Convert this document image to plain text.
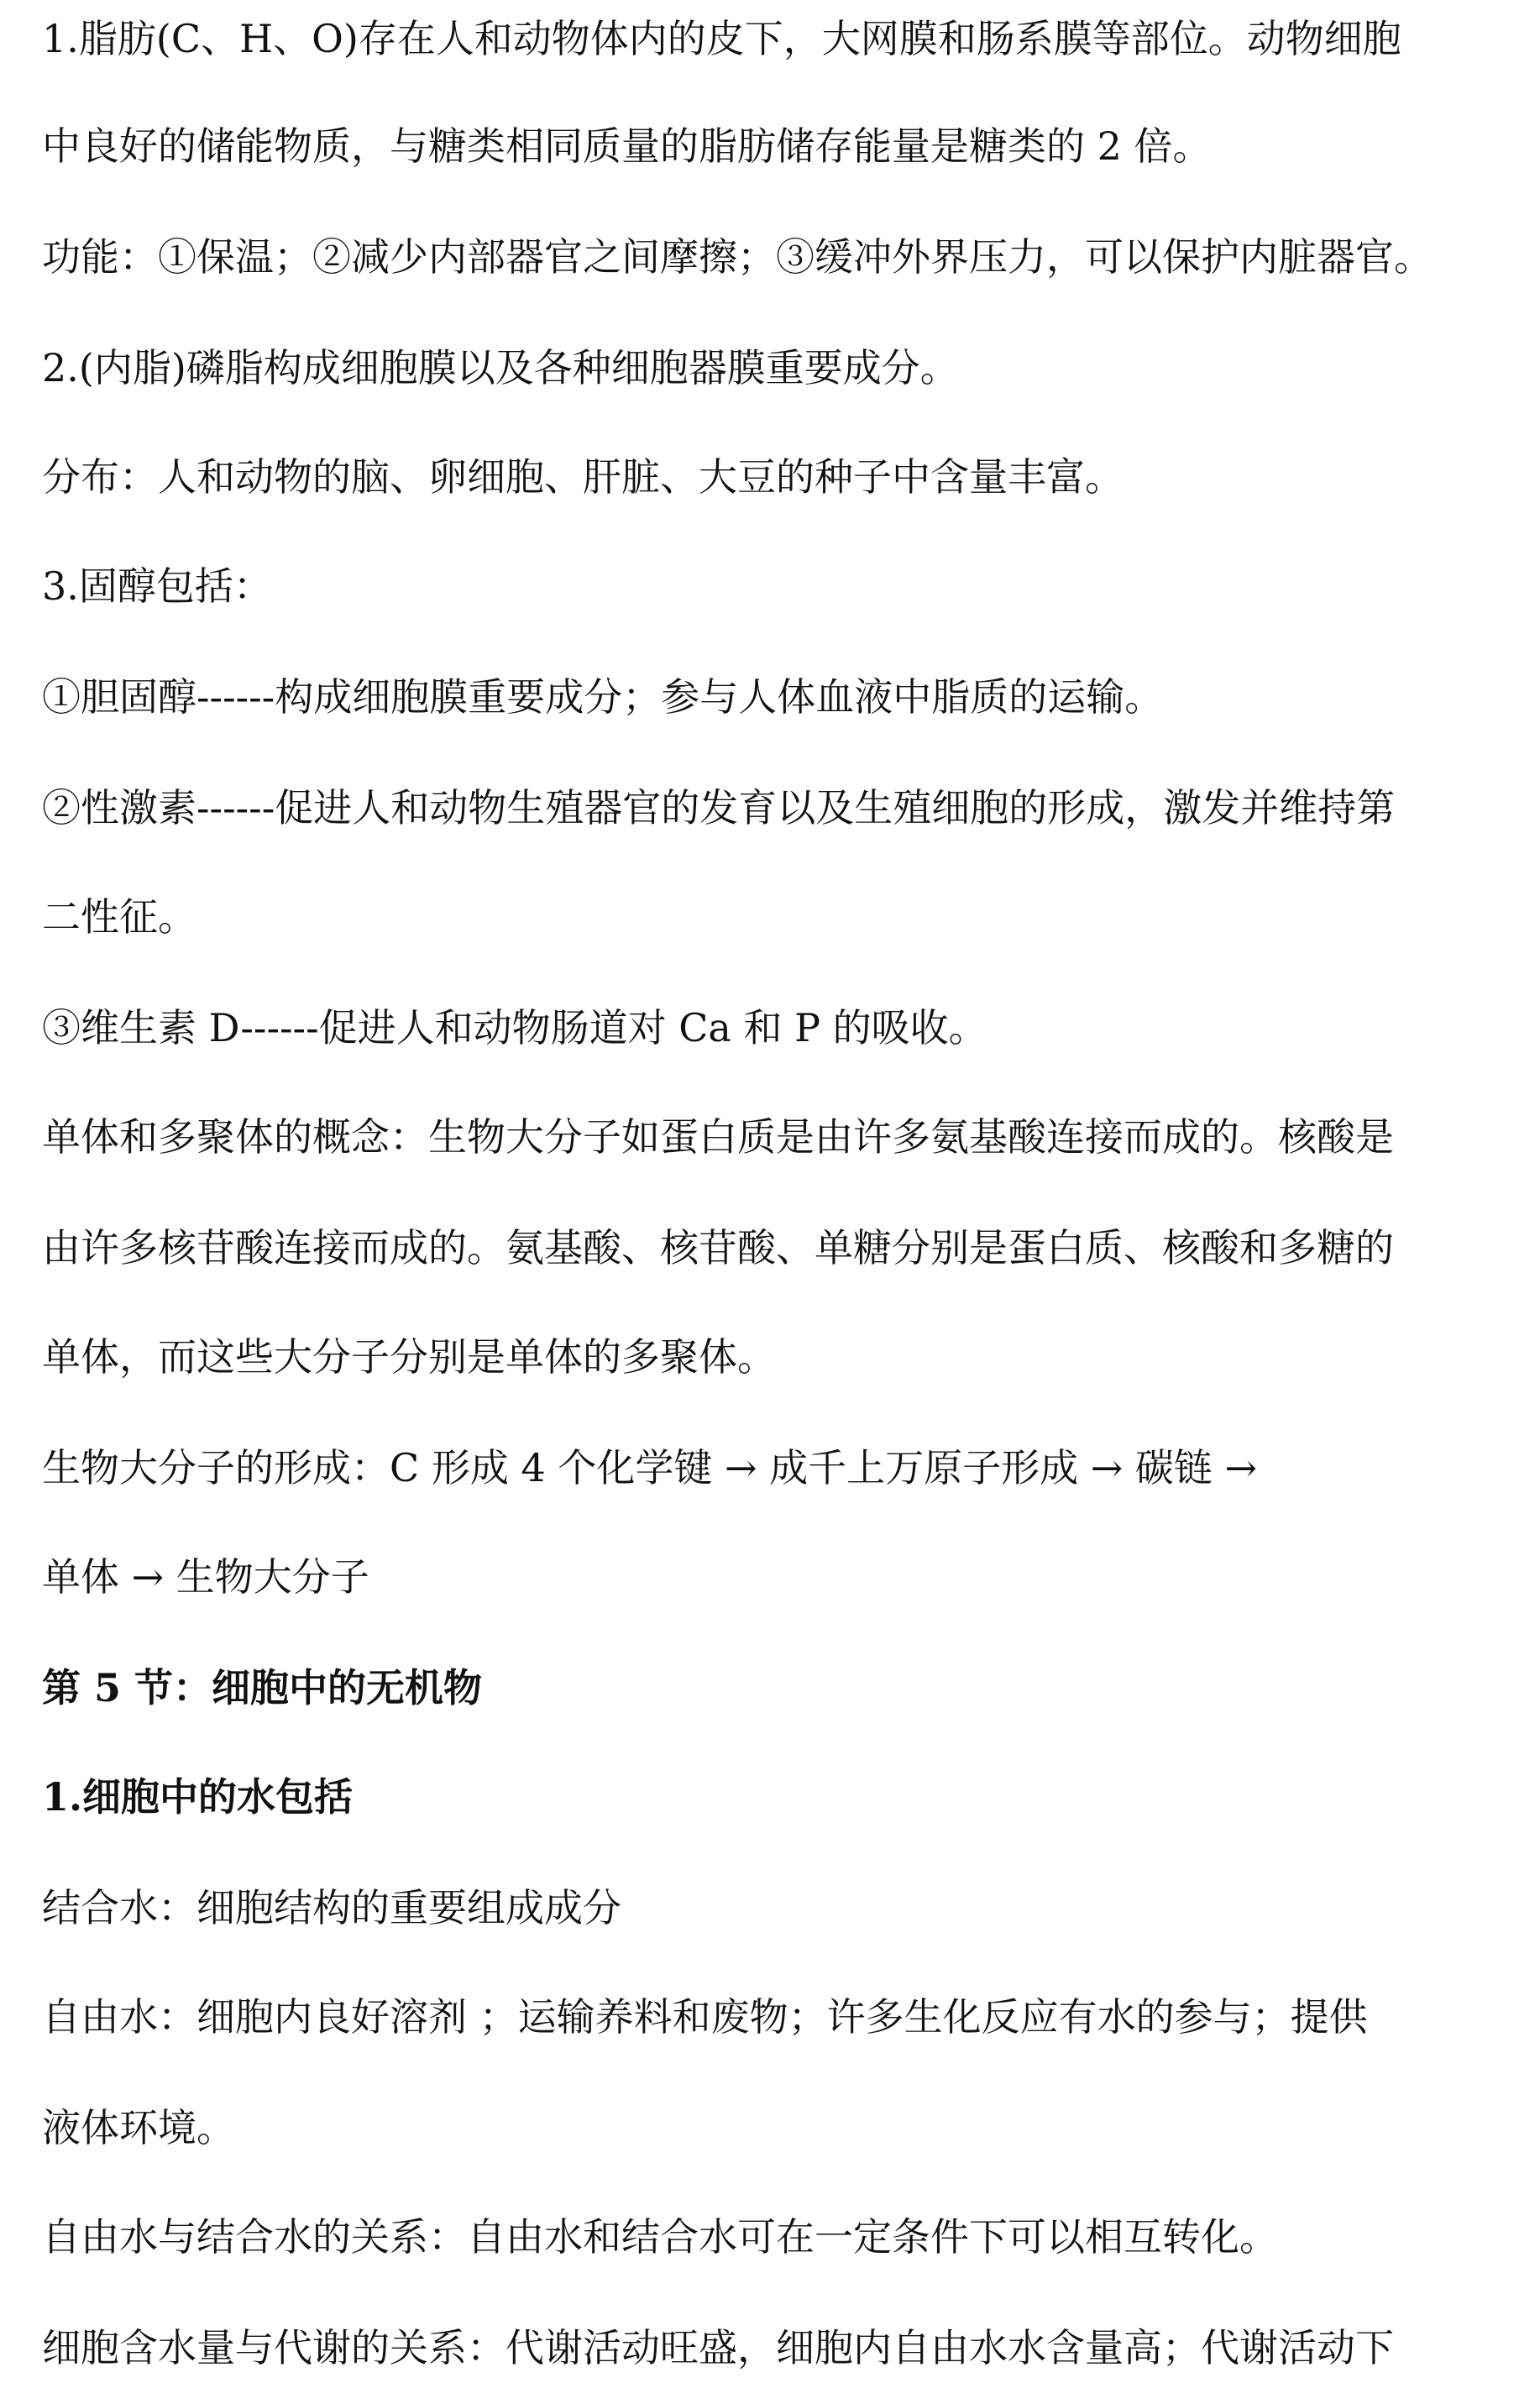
1.脂肪(C、H、O)存在人和动物体内的皮下，大网膜和肠系膜等部位。动物细胞
中良好的储能物质，与糖类相同质量的脂肪储存能量是糖类的 2 倍。
功能：①保温；②减少内部器官之间摩擦；③缓冲外界压力，可以保护内脏器官。
2.(内脂)磷脂构成细胞膜以及各种细胞器膜重要成分。
分布：人和动物的脑、卵细胞、肝脏、大豆的种子中含量丰富。
3.固醇包括：
①胆固醇------构成细胞膜重要成分；参与人体血液中脂质的运输。
②性激素------促进人和动物生殖器官的发育以及生殖细胞的形成，激发并维持第
二性征。
③维生素 D------促进人和动物肠道对 Ca 和 P 的吸收。
单体和多聚体的概念：生物大分子如蛋白质是由许多氨基酸连接而成的。核酸是
由许多核苷酸连接而成的。氨基酸、核苷酸、单糖分别是蛋白质、核酸和多糖的
单体，而这些大分子分别是单体的多聚体。
生物大分子的形成：C 形成 4 个化学键 → 成千上万原子形成 → 碳链 →
单体 → 生物大分子
第 5 节：细胞中的无机物
1.细胞中的水包括
结合水：细胞结构的重要组成成分
自由水：细胞内良好溶剂 ；运输养料和废物；许多生化反应有水的参与；提供
液体环境。
自由水与结合水的关系：自由水和结合水可在一定条件下可以相互转化。
细胞含水量与代谢的关系：代谢活动旺盛，细胞内自由水水含量高；代谢活动下
